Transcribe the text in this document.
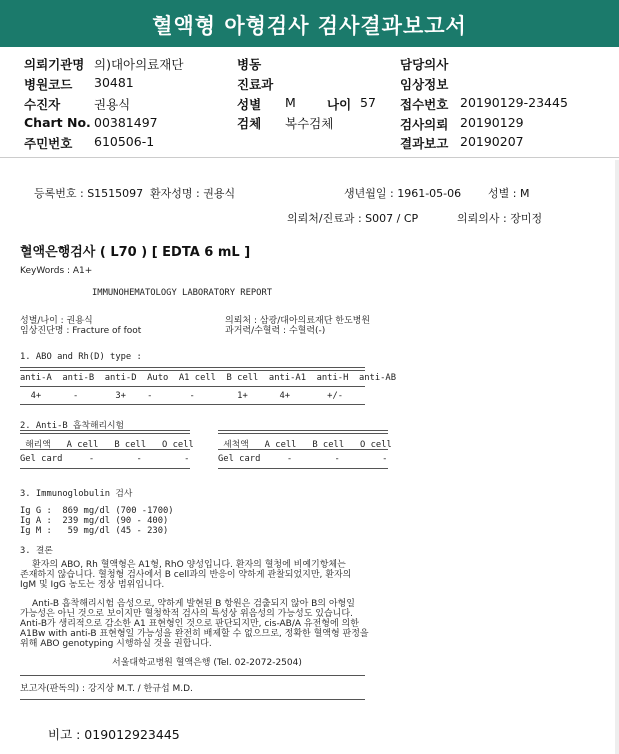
혈액형 아형검사 검사결과보고서
의뢰기관명 의)대아의료재단
병원코드 30481
수진자	권용식
Chart No. 00381497
주민번호 610506-1
병동
진료과
성별 M 나이 57
검체 복수검체
담당의사
임상정보
접수번호 20190129-23445
검사의뢰 20190129
결과보고 20190207
등록번호 : S1515097 환자성명 : 권용식	생년월일 : 1961-05-06 성별 : M
의뢰처/진료과 : S007 / CP	의뢰의사 : 장미정
혈액은행검사 ( L70 ) [ EDTA 6 mL ]
KeyWords : A1+
IMMUNOHEMATOLOGY LABORATORY REPORT
성별/나이 : 권용식	의뢰처 : 삼광/대아의료재단 한도병원
임상진단명 : Fracture of foot	과거력/수혈력 : 수혈력(-)
1. ABO and Rh(D) type :
anti-A  anti-B  anti-D  Auto  A1 cell  B cell  anti-A1  anti-H  anti-AB
4+      -       3+    -       -        1+      4+       +/-
2. Anti-B 흡착해리시험
해리액   A cell   B cell   O cell
Gel card     -        -        -
세척액   A cell   B cell   O cell
Gel card     -        -        -
3. Immunoglobulin 검사
Ig G :  869 mg/dl (700 -1700)
Ig A :  239 mg/dl (90 - 400)
Ig M :   59 mg/dl (45 - 230)
3. 결론
환자의 ABO, Rh 혈액형은 A1형, RhO 양성입니다. 환자의 혈청에 비예기항체는
존재하지 않습니다. 혈청형 검사에서 B cell과의 반응이 약하게 관찰되었지만, 환자의
IgM 및 IgG 농도는 정상 범위입니다.
Anti-B 흡착해리시험 음성으로, 약하게 발현된 B 항원은 검출되지 않아 B의 아형일
가능성은 아닌 것으로 보이지만 혈청학적 검사의 특성상 위음성의 가능성도 있습니다.
Anti-B가 생리적으로 감소한 A1 표현형인 것으로 판단되지만, cis-AB/A 유전형에 의한
A1Bw with anti-B 표현형일 가능성을 완전히 배제할 수 없으므로, 정확한 혈액형 판정을
위해 ABO genotyping 시행하실 것을 권합니다.
서울대학교병원 혈액은행 (Tel. 02-2072-2504)
보고자(판독의) : 강지상 M.T. / 한규섭 M.D.
비고 : 019012923445
